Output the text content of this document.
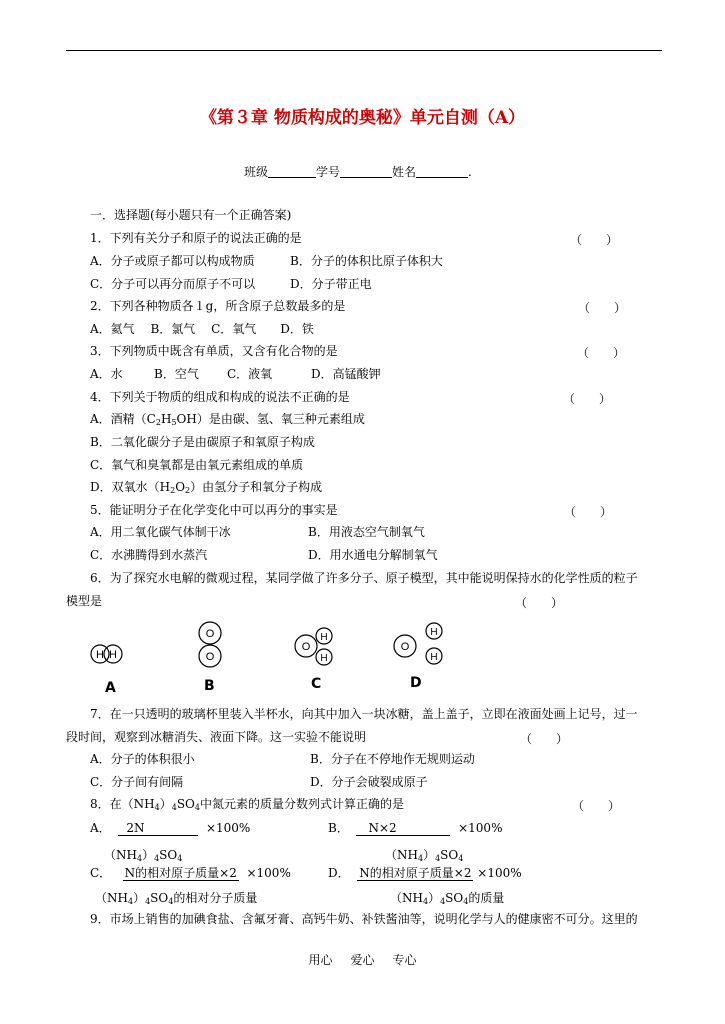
《第３章 物质构成的奥秘》单元自测（A）
班级	学号	姓名	.
一．选择题(每小题只有一个正确答案)
1．下列有关分子和原子的说法正确的是	（　　）
A．分子或原子都可以构成物质	B．分子的体积比原子体积大
C．分子可以再分而原子不可以	D．分子带正电
2．下列各种物质各１g，所含原子总数最多的是	（　　）
A．氦气　 B．氯气　 C．氧气　　D．铁
3．下列物质中既含有单质，又含有化合物的是	（　　）
A．水	B．空气 C．液氧	D．高锰酸钾
4．下列关于物质的组成和构成的说法不正确的是	（　　）
A．酒精$(C_2H_5OH)$是由碳、氢、氧三种元素组成
B．二氧化碳分子是由碳原子和氧原子构成
C．氧气和臭氧都是由氧元素组成的单质
D．双氧水$(H_2O_2)$由氢分子和氧分子构成
5．能证明分子在化学变化中可以再分的事实是	（　　）
A．用二氧化碳气体制干冰	B．用液态空气制氧气
C．水沸腾得到水蒸汽	D．用水通电分解制氧气
6．为了探究水电解的微观过程，某同学做了许多分子、原子模型，其中能说明保持水的化学性质的粒子
模型是	（　　）
H H
O
O
O
H
H
O
H
H
A	B	C	D
7．在一只透明的玻璃杯里装入半杯水，向其中加入一块冰糖，盖上盖子，立即在液面处画上记号，过一
段时间，观察到冰糖消失、液面下降。这一实验不能说明	（　　）
A．分子的体积很小	B．分子在不停地作无规则运动
C．分子间有间隔	D．分子会破裂成原子
8．在$(NH_4)_4SO_4$中氮元素的质量分数列式计算正确的是	（　　）
A． 2N	×100%	B． N×2	×100%
$(NH_4)_4SO_4$	$(NH_4)_4SO_4$
C． N的相对原子质量×2 ×100%	D． N的相对原子质量×2 ×100%
$(NH_4)_4SO_4$的相对分子质量	$(NH_4)_4SO_4$的质量
9．市场上销售的加碘食盐、含氟牙膏、高钙牛奶、补铁酱油等，说明化学与人的健康密不可分。这里的
用心 爱心 专心
